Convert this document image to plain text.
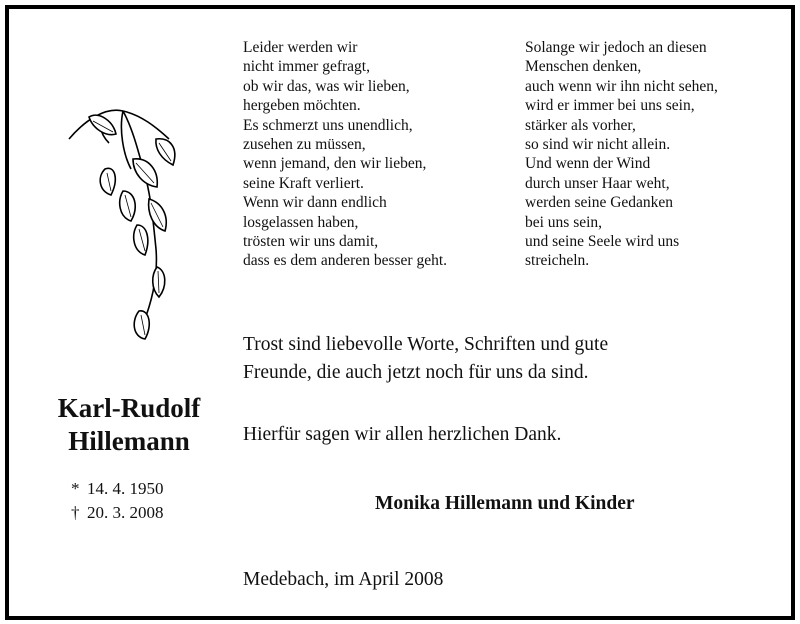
Leider werden wir
nicht immer gefragt,
ob wir das, was wir lieben,
hergeben möchten.
Es schmerzt uns unendlich,
zusehen zu müssen,
wenn jemand, den wir lieben,
seine Kraft verliert.
Wenn wir dann endlich
losgelassen haben,
trösten wir uns damit,
dass es dem anderen besser geht.
Solange wir jedoch an diesen
Menschen denken,
auch wenn wir ihn nicht sehen,
wird er immer bei uns sein,
stärker als vorher,
so sind wir nicht allein.
Und wenn der Wind
durch unser Haar weht,
werden seine Gedanken
bei uns sein,
und seine Seele wird uns
streicheln.
Karl-Rudolf
Hillemann
* 14. 4. 1950
† 20. 3. 2008
Trost sind liebevolle Worte, Schriften und gute
Freunde, die auch jetzt noch für uns da sind.
Hierfür sagen wir allen herzlichen Dank.
Monika Hillemann und Kinder
Medebach, im April 2008
